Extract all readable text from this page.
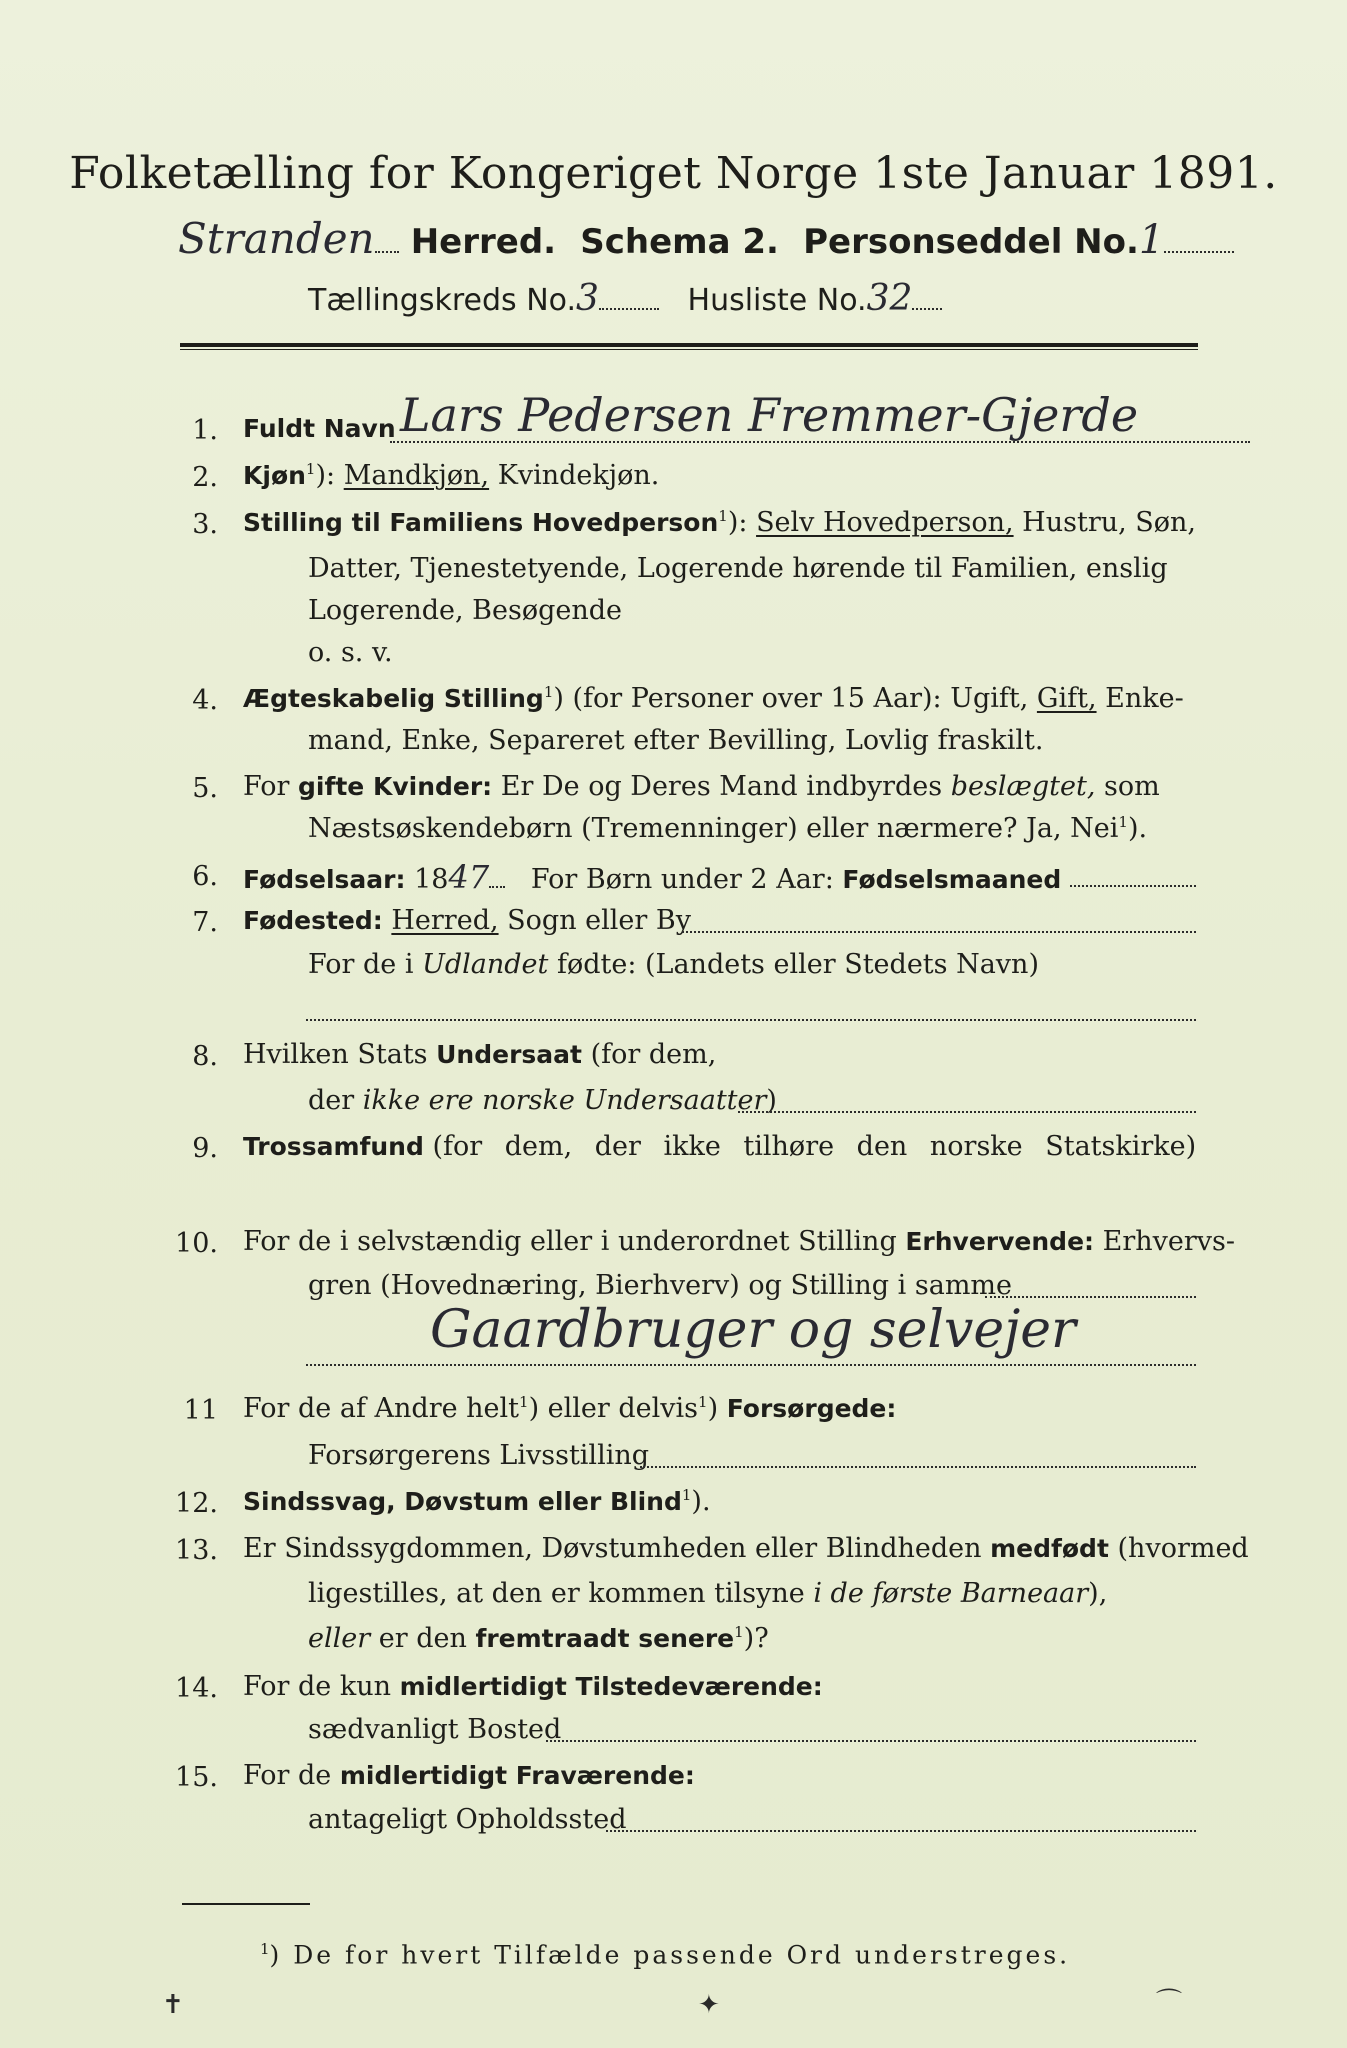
Folketælling for Kongeriget Norge 1ste Januar 1891.
Stranden Herred. Schema 2. Personseddel No.1
Tællingskreds No.3	Husliste No.32
1. Fuldt Navn Lars Pedersen Fremmer-Gjerde
2. Kjøn$^1$): Mandkjøn, Kvindekjøn.
3. Stilling til Familiens Hovedperson$^1$): Selv Hovedperson, Hustru, Søn,
Datter, Tjenestetyende, Logerende hørende til Familien, enslig
Logerende, Besøgende
o. s. v.
4. Ægteskabelig Stilling$^1$) (for Personer over 15 Aar): Ugift, Gift, Enke-
mand, Enke, Separeret efter Bevilling, Lovlig fraskilt.
5. For gifte Kvinder: Er De og Deres Mand indbyrdes beslægtet, som
Næstsøskendebørn (Tremenninger) eller nærmere? Ja, Nei$^1$).
6. Fødselsaar: 1847 For Børn under 2 Aar: Fødselsmaaned
7. Fødested: Herred, Sogn eller By
For de i Udlandet fødte: (Landets eller Stedets Navn)
8. Hvilken Stats Undersaat (for dem,
der ikke ere norske Undersaatter)
9. Trossamfund (for dem, der ikke tilhøre den norske Statskirke)
10. For de i selvstændig eller i underordnet Stilling Erhvervende: Erhvervs-
gren (Hovednæring, Bierhverv) og Stilling i samme
Gaardbruger og selvejer
11 For de af Andre helt$^1$) eller delvis$^1$) Forsørgede:
Forsørgerens Livsstilling
12. Sindssvag, Døvstum eller Blind$^1$).
13. Er Sindssygdommen, Døvstumheden eller Blindheden medfødt (hvormed
ligestilles, at den er kommen tilsyne i de første Barneaar),
eller er den fremtraadt senere$^1$)?
14. For de kun midlertidigt Tilstedeværende:
sædvanligt Bosted
15. For de midlertidigt Fraværende:
antageligt Opholdssted
$^1$) De for hvert Tilfælde passende Ord understreges.
✝	✦	⌒
